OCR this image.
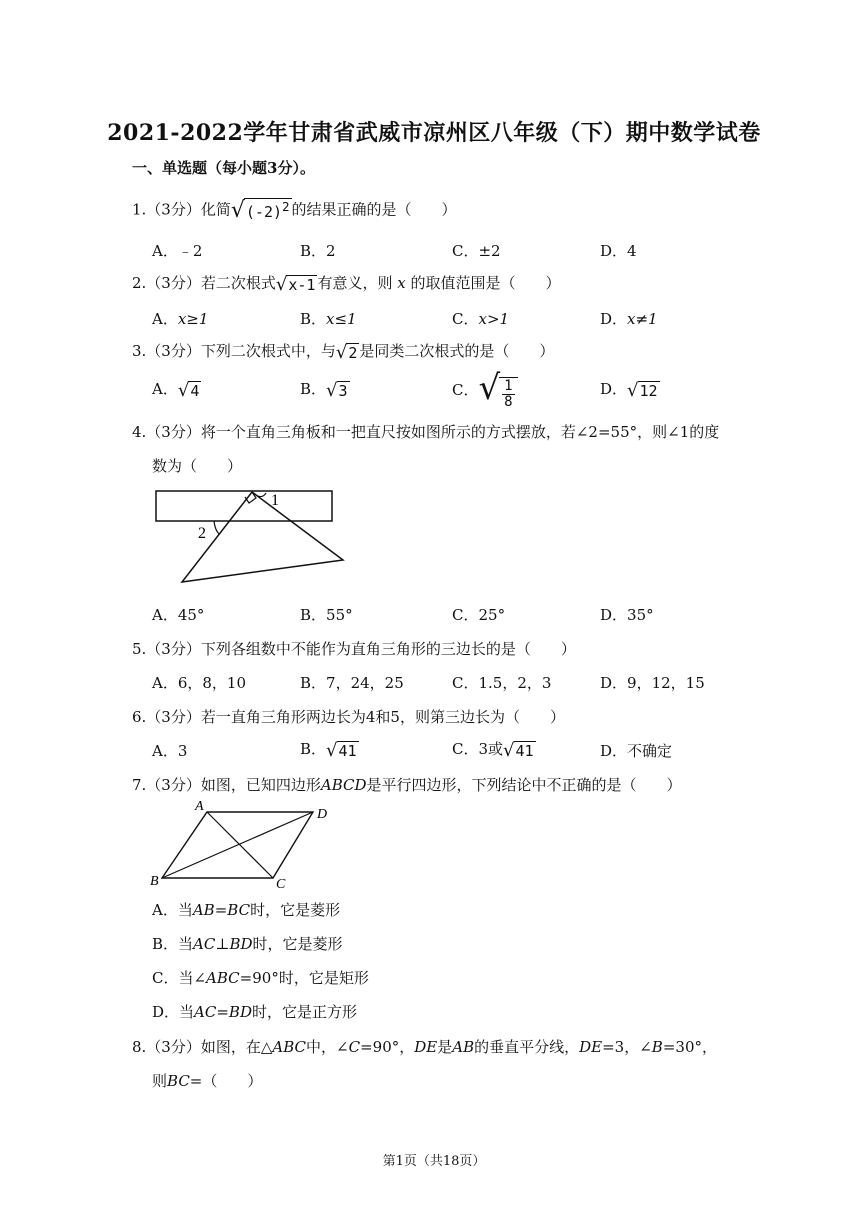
2021-2022学年甘肃省武威市凉州区八年级（下）期中数学试卷
一、单选题（每小题3分）。
1.（3分）化简$√(-2)^2$ 的结果正确的是（　　）
A．﹣2	B．2	C．±2	D．4
2.（3分）若二次根式√x-1 有意义，则 x 的取值范围是（　　）
A．x≥1	B．x≤1	C．x>1	D．x≠1
3.（3分）下列二次根式中，与√2 是同类二次根式的是（　　）
A．√4	B．√3	C．√ $\frac{1}{8}$	D．√12
4.（3分）将一个直角三角板和一把直尺按如图所示的方式摆放，若∠2=55°，则∠1的度
数为（　　）
1
2
A．45°	B．55°	C．25°	D．35°
5.（3分）下列各组数中不能作为直角三角形的三边长的是（　　）
A．6，8，10	B．7，24，25	C．1.5，2，3	D．9，12，15
6.（3分）若一直角三角形两边长为4和5，则第三边长为（　　）
A．3	B．√41	C．3或√41	D．不确定
7.（3分）如图，已知四边形ABCD是平行四边形，下列结论中不正确的是（　　）
A
D
B	C
A．当AB=BC时，它是菱形
B．当AC⊥BD时，它是菱形
C．当∠ABC=90°时，它是矩形
D．当AC=BD时，它是正方形
8.（3分）如图，在△ABC中，∠C=90°，DE是AB的垂直平分线，DE=3，∠B=30°，
则BC=（　　）
第1页（共18页）
